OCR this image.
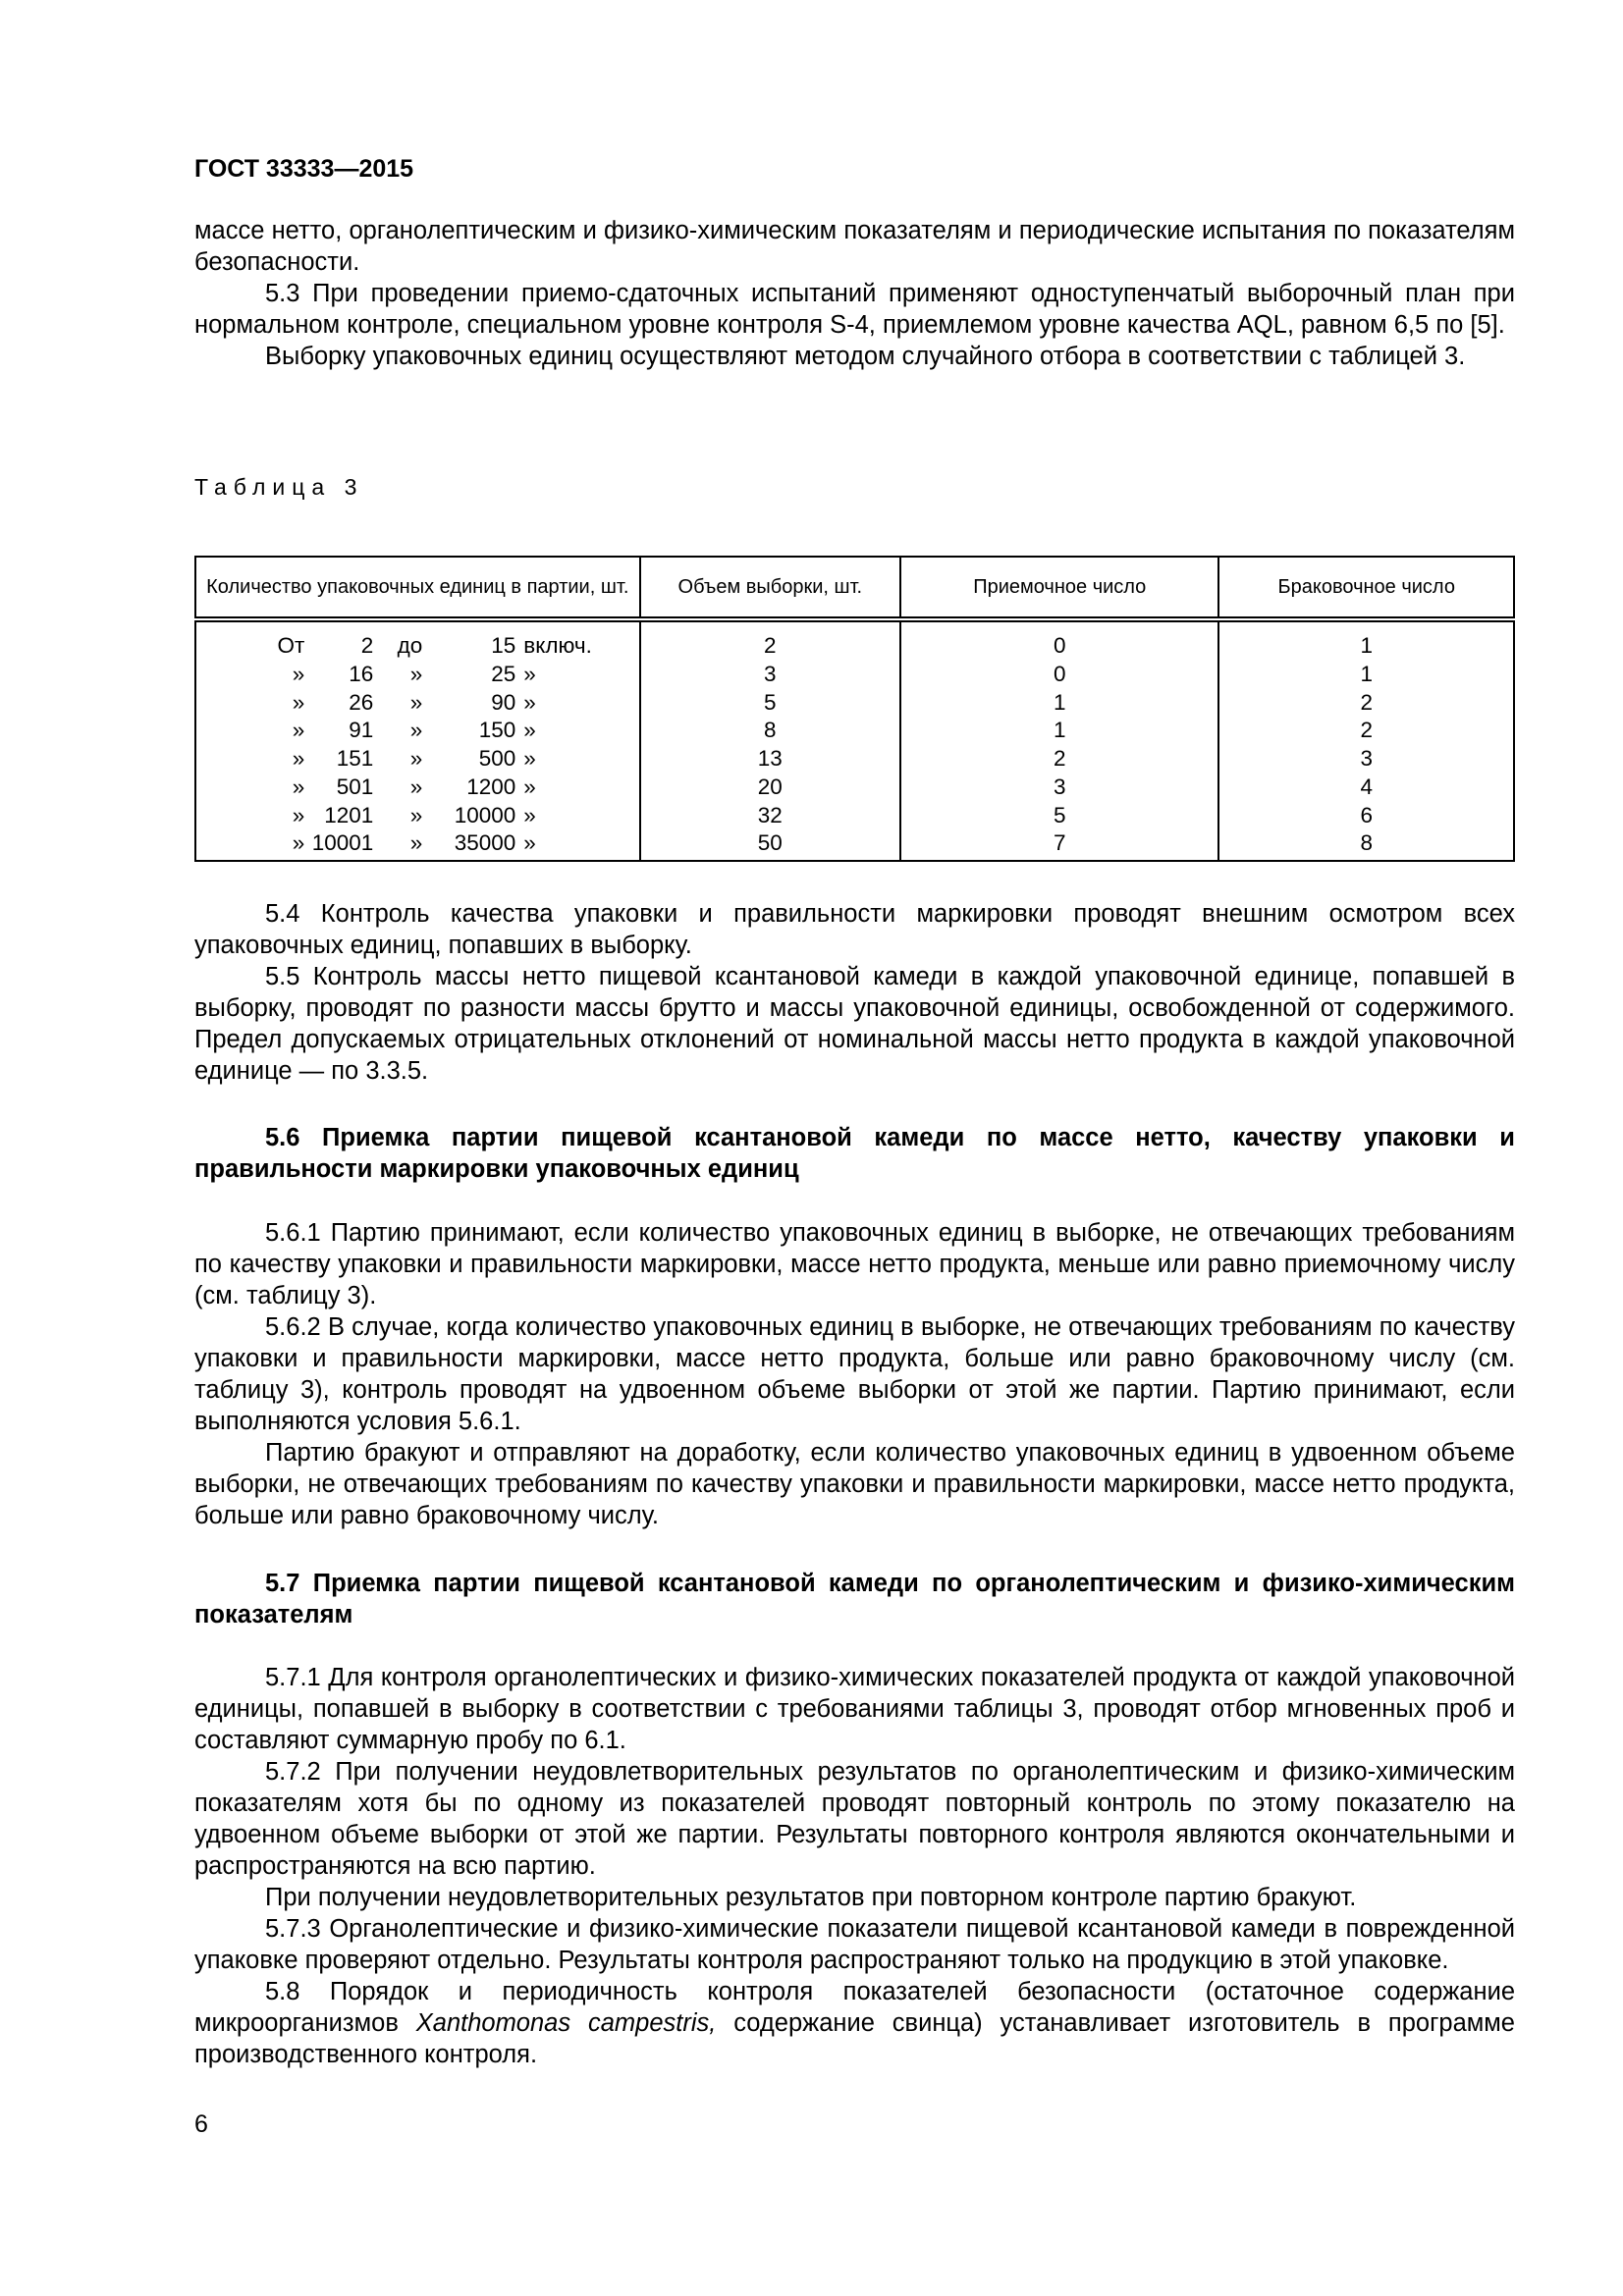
ГОСТ 33333—2015

массе нетто, органолептическим и физико-химическим показателям и периодические испытания по показателям безопасности.

5.3 При проведении приемо-сдаточных испытаний применяют одноступенчатый выборочный план при нормальном контроле, специальном уровне контроля S-4, приемлемом уровне качества AQL, равном 6,5 по [5].

Выборку упаковочных единиц осуществляют методом случайного отбора в соответствии с таблицей 3.

Таблица 3
Количество упаковочных единиц в партии, шт.	Объем выборки, шт.	Приемочное число	Браковочное число
От 2 до 15 включ.	2	0	1
» 16 » 25 »	3	0	1
» 26 » 90 »	5	1	2
» 91 » 150 »	8	1	2
» 151 » 500 »	13	2	3
» 501 » 1200 »	20	3	4
» 1201 » 10000 »	32	5	6
» 10001 » 35000 »	50	7	8

5.4 Контроль качества упаковки и правильности маркировки проводят внешним осмотром всех упаковочных единиц, попавших в выборку.

5.5 Контроль массы нетто пищевой ксантановой камеди в каждой упаковочной единице, попавшей в выборку, проводят по разности массы брутто и массы упаковочной единицы, освобожденной от содержимого. Предел допускаемых отрицательных отклонений от номинальной массы нетто продукта в каждой упаковочной единице — по 3.3.5.

5.6 Приемка партии пищевой ксантановой камеди по массе нетто, качеству упаковки и правильности маркировки упаковочных единиц

5.6.1 Партию принимают, если количество упаковочных единиц в выборке, не отвечающих требованиям по качеству упаковки и правильности маркировки, массе нетто продукта, меньше или равно приемочному числу (см. таблицу 3).

5.6.2 В случае, когда количество упаковочных единиц в выборке, не отвечающих требованиям по качеству упаковки и правильности маркировки, массе нетто продукта, больше или равно браковочному числу (см. таблицу 3), контроль проводят на удвоенном объеме выборки от этой же партии. Партию принимают, если выполняются условия 5.6.1.

Партию бракуют и отправляют на доработку, если количество упаковочных единиц в удвоенном объеме выборки, не отвечающих требованиям по качеству упаковки и правильности маркировки, массе нетто продукта, больше или равно браковочному числу.

5.7 Приемка партии пищевой ксантановой камеди по органолептическим и физико-химическим показателям

5.7.1 Для контроля органолептических и физико-химических показателей продукта от каждой упаковочной единицы, попавшей в выборку в соответствии с требованиями таблицы 3, проводят отбор мгновенных проб и составляют суммарную пробу по 6.1.

5.7.2 При получении неудовлетворительных результатов по органолептическим и физико-химическим показателям хотя бы по одному из показателей проводят повторный контроль по этому показателю на удвоенном объеме выборки от этой же партии. Результаты повторного контроля являются окончательными и распространяются на всю партию.

При получении неудовлетворительных результатов при повторном контроле партию бракуют.

5.7.3 Органолептические и физико-химические показатели пищевой ксантановой камеди в поврежденной упаковке проверяют отдельно. Результаты контроля распространяют только на продукцию в этой упаковке.

5.8 Порядок и периодичность контроля показателей безопасности (остаточное содержание микроорганизмов Xanthomonas campestris, содержание свинца) устанавливает изготовитель в программе производственного контроля.

6
